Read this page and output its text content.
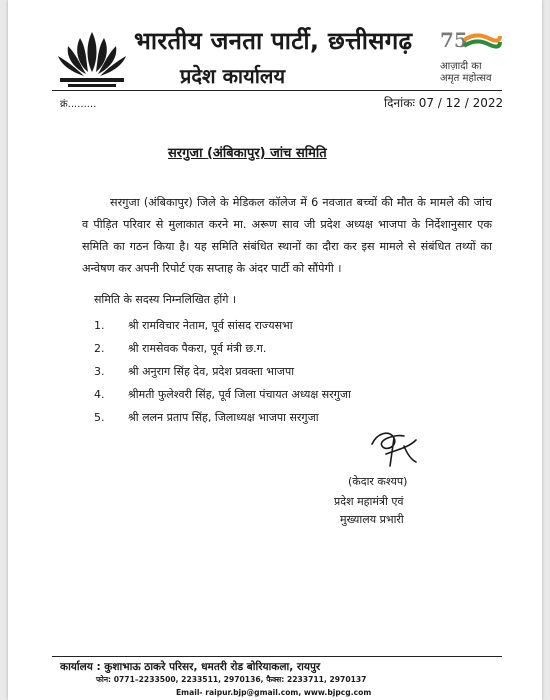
भारतीय जनता पार्टी, छत्तीसगढ़
प्रदेश कार्यालय
75
आज़ादी का
अमृत महोत्सव
क्रं.........	दिनांकः 07 / 12 / 2022
सरगुजा (अंबिकापुर) जांच समिति
सरगुजा (अंबिकापुर) जिले के मेडिकल कॉलेज में 6 नवजात बच्चों की मौत के मामले की जांच व पीड़ित परिवार से मुलाकात करने मा. अरूण साव जी प्रदेश अध्यक्ष भाजपा के निर्देशानुसार एक समिति का गठन किया है। यह समिति संबंधित स्थानों का दौरा कर इस मामले से संबंधित तथ्यों का अन्वेषण कर अपनी रिपोर्ट एक सप्ताह के अंदर पार्टी को सौंपेगी ।
समिति के सदस्य निम्नलिखित होंगे ।
1. श्री रामविचार नेताम, पूर्व सांसद राज्यसभा
2. श्री रामसेवक पैकरा, पूर्व मंत्री छ.ग.
3. श्री अनुराग सिंह देव, प्रदेश प्रवक्ता भाजपा
4. श्रीमती फुलेश्वरी सिंह, पूर्व जिला पंचायत अध्यक्ष सरगुजा
5. श्री ललन प्रताप सिंह, जिलाध्यक्ष भाजपा सरगुजा
(केदार कश्यप)
प्रदेश महामंत्री एवं
मुख्यालय प्रभारी
कार्यालय : कुशाभाऊ ठाकरे परिसर, धमतरी रोड बोरियाकला, रायपुर
फोन: 0771–2233500, 2233511, 2970136, फैक्स: 2233711, 2970137
Email- raipur.bjp@gmail.com, www.bjpcg.com
